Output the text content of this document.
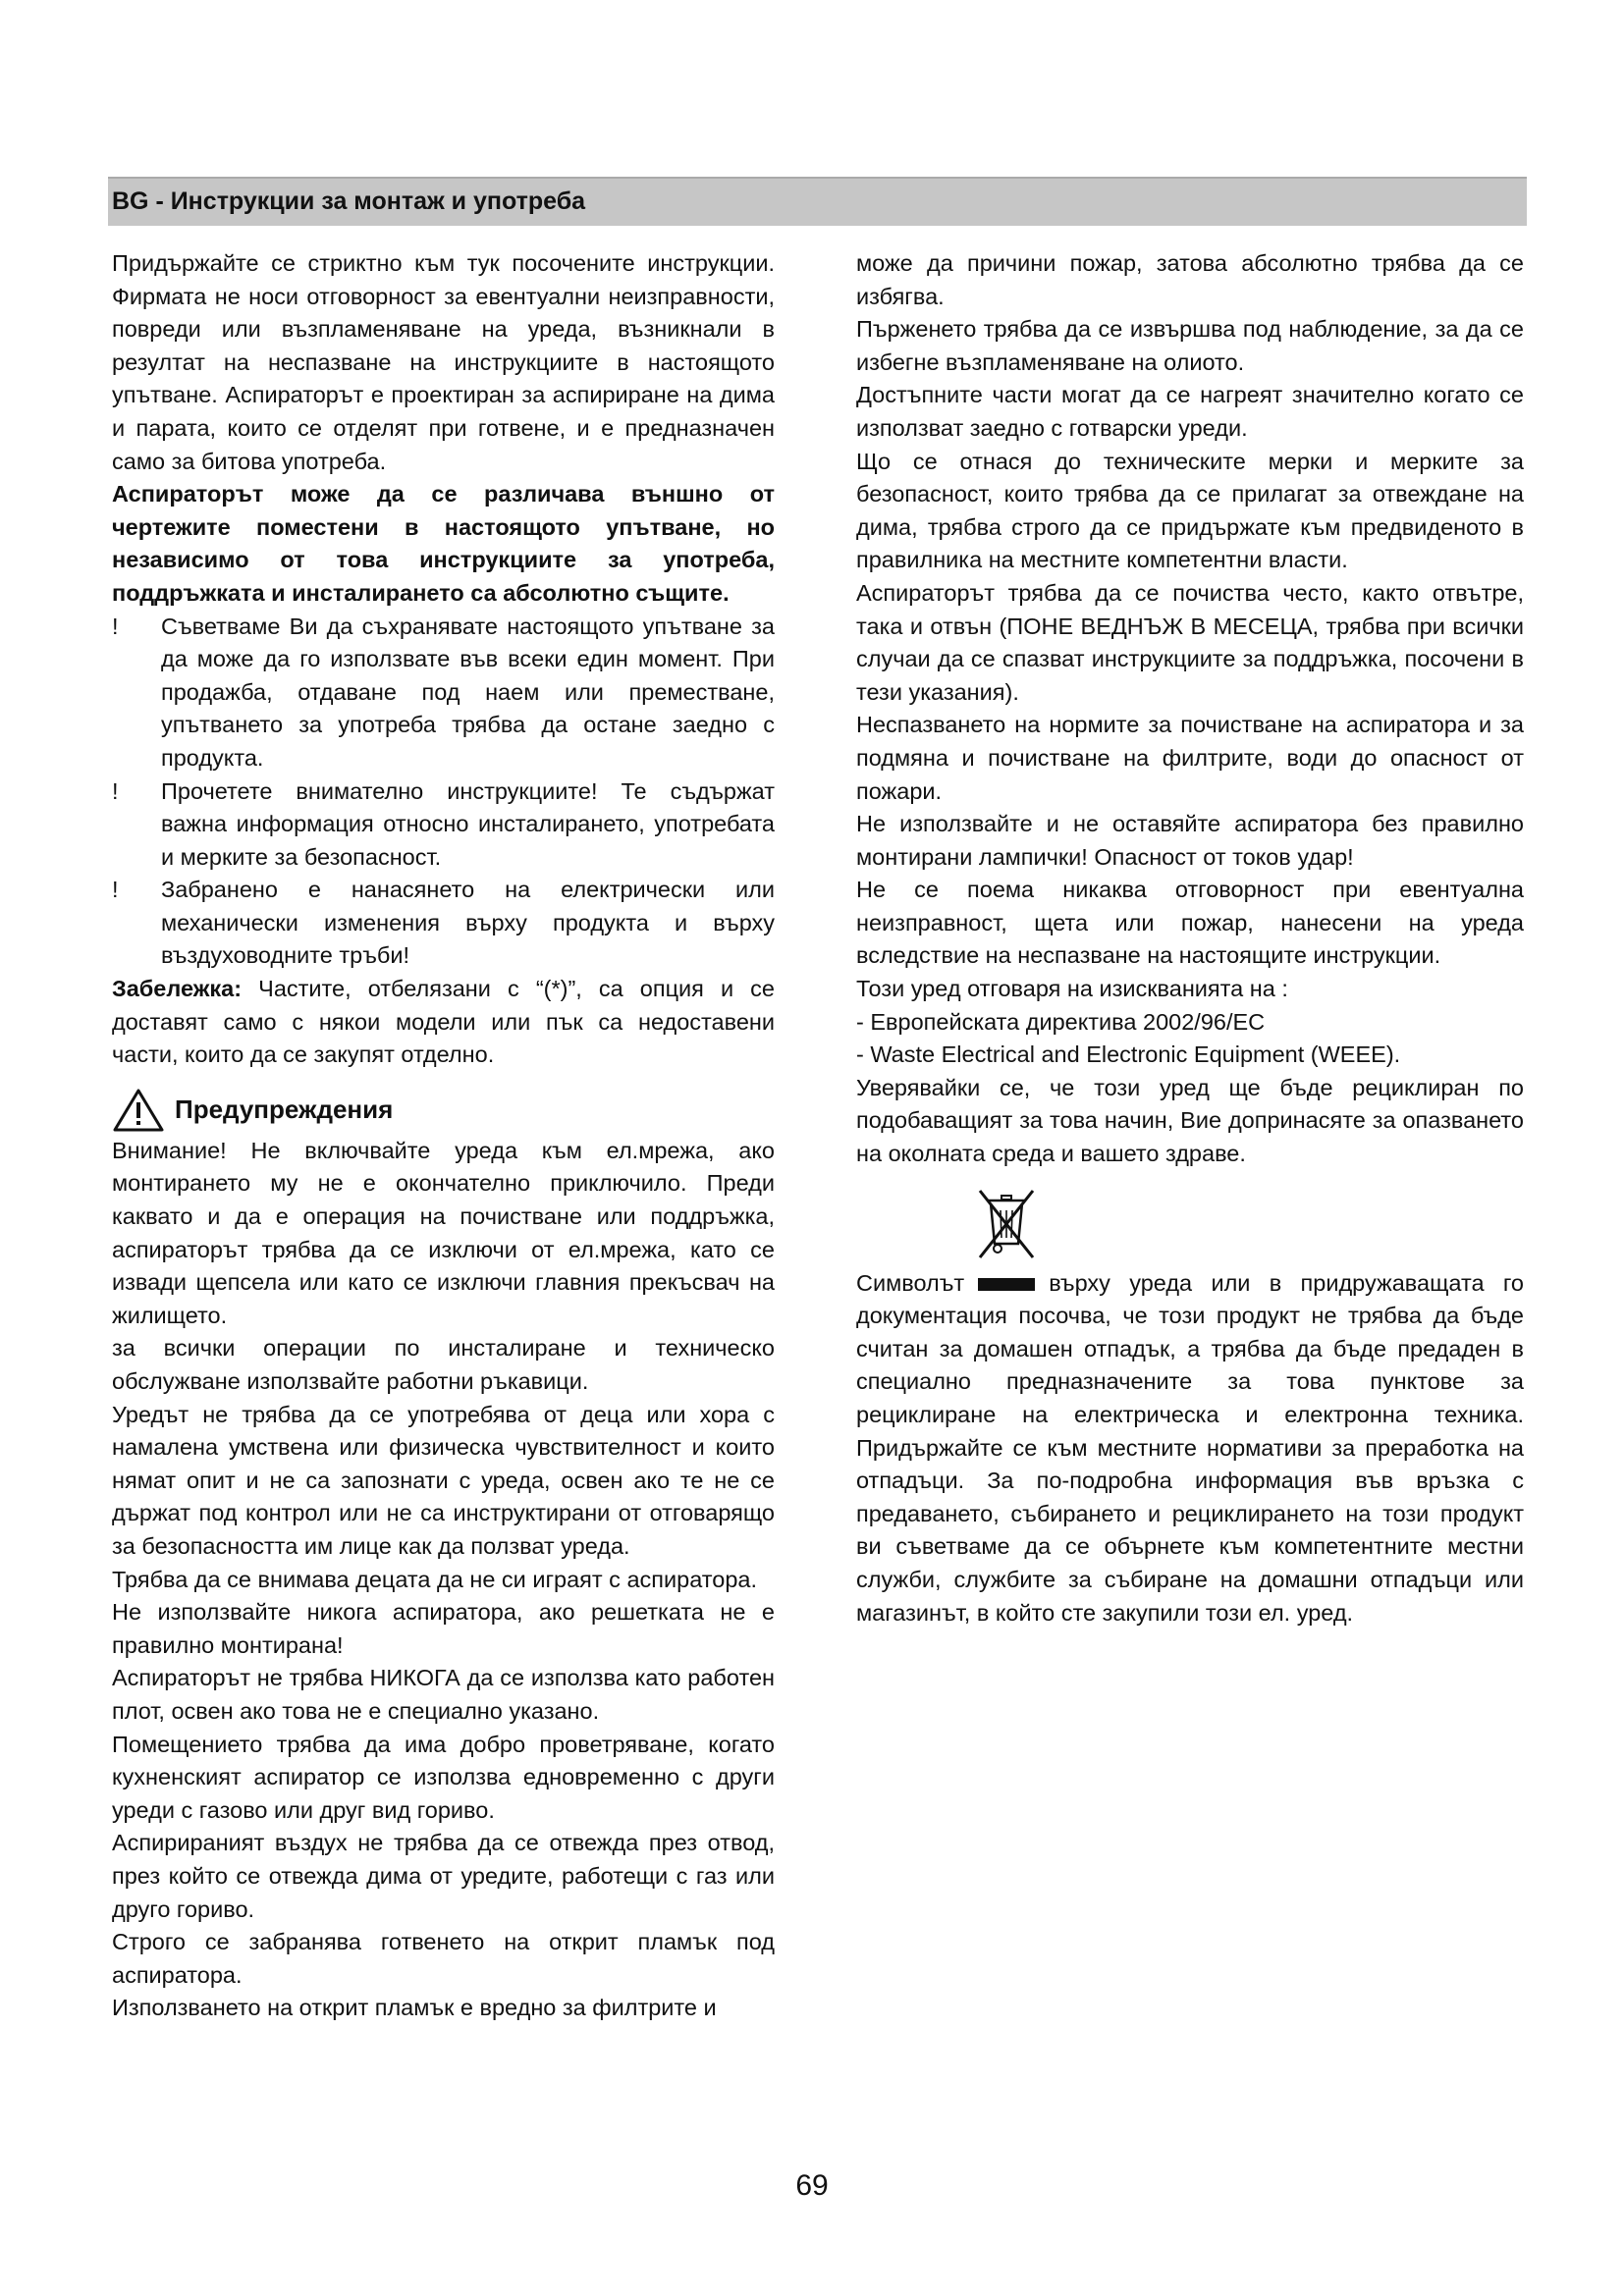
BG - Инструкции за монтаж и употреба

Придържайте се стриктно към тук посочените инструкции. Фирмата не носи отговорност за евентуални неизправности, повреди или възпламеняване на уреда, възникнали в резултат на неспазване на инструкциите в настоящото упътване. Аспираторът е проектиран за аспириране на дима и парата, които се отделят при готвене, и е предназначен само за битова употреба.

Аспираторът може да се различава външно от чертежите поместени в настоящото упътване, но независимо от това инструкциите за употреба, поддръжката и инсталирането са абсолютно същите.

! Съветваме Ви да съхранявате настоящото упътване за да може да го използвате във всеки един момент. При продажба, отдаване под наем или преместване, упътването за употреба трябва да остане заедно с продукта.
! Прочетете внимателно инструкциите! Те съдържат важна информация относно инсталирането, употребата и мерките за безопасност.
! Забранено е нанасянето на електрически или механически изменения върху продукта и върху въздуховодните тръби!

Забележка: Частите, отбелязани с “(*)”, са опция и се доставят само с някои модели или пък са недоставени части, които да се закупят отделно.

Предупреждения

Внимание! Не включвайте уреда към ел.мрежа, ако монтирането му не е окончателно приключило. Преди каквато и да е операция на почистване или поддръжка, аспираторът трябва да се изключи от ел.мрежа, като се извади щепсела или като се изключи главния прекъсвач на жилището.

за всички операции по инсталиране и техническо обслужване използвайте работни ръкавици.

Уредът не трябва да се употребява от деца или хора с намалена умствена или физическа чувствителност и които нямат опит и не са запознати с уреда, освен ако те не се държат под контрол или не са инструктирани от отговарящо за безопасността им лице как да ползват уреда.

Трябва да се внимава децата да не си играят с аспиратора.

Не използвайте никога аспиратора, ако решетката не е правилно монтирана!

Аспираторът не трябва НИКОГА да се използва като работен плот, освен ако това не е специално указано.

Помещението трябва да има добро проветряване, когато кухненският аспиратор се използва едновременно с други уреди с газово или друг вид гориво.

Аспирираният въздух не трябва да се отвежда през отвод, през който се отвежда дима от уредите, работещи с газ или друго гориво.

Строго се забранява готвенето на открит пламък под аспиратора.

Използването на открит пламък е вредно за филтрите и

може да причини пожар, затова абсолютно трябва да се избягва.

Пърженето трябва да се извършва под наблюдение, за да се избегне възпламеняване на олиото.

Достъпните части могат да се нагреят значително когато се използват заедно с готварски уреди.

Що се отнася до техническите мерки и мерките за безопасност, които трябва да се прилагат за отвеждане на дима, трябва строго да се придържате към предвиденото в правилника на местните компетентни власти.

Аспираторът трябва да се почиства често, както отвътре, така и отвън (ПОНЕ ВЕДНЪЖ В МЕСЕЦА, трябва при всички случаи да се спазват инструкциите за поддръжка, посочени в тези указания).

Неспазването на нормите за почистване на аспиратора и за подмяна и почистване на филтрите, води до опасност от пожари.

Не използвайте и не оставяйте аспиратора без правилно монтирани лампички! Опасност от токов удар!

Не се поема никаква отговорност при евентуална неизправност, щета или пожар, нанесени на уреда вследствие на неспазване на настоящите инструкции.

Този уред отговаря на изискванията на :

- Европейската директива 2002/96/EC

- Waste Electrical and Electronic Equipment (WEEE).

Уверявайки се, че този уред ще бъде рециклиран по подобаващият за това начин, Вие допринасяте за опазването на околната среда и вашето здраве.

Символът	върху уреда или в придружаващата го документация посочва, че този продукт не трябва да бъде считан за домашен отпадък, а трябва да бъде предаден в специално предназначените за това пунктове за рециклиране на електрическа и електронна техника. Придържайте се към местните нормативи за преработка на отпадъци. За по-подробна информация във връзка с предаването, събирането и рециклирането на този продукт ви съветваме да се обърнете към компетентните местни служби, службите за събиране на домашни отпадъци или магазинът, в който сте закупили този ел. уред.

69
